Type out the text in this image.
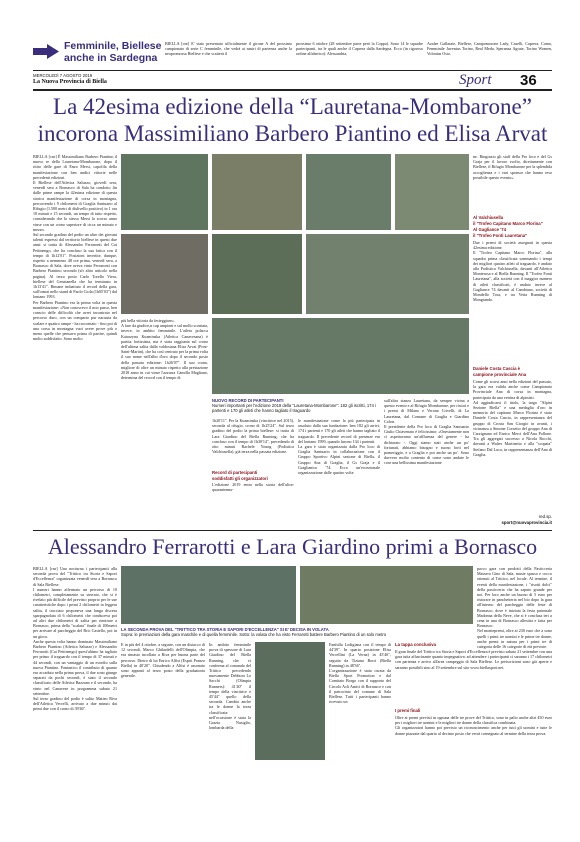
Femminile, Biellese
anche in Sardegna
BIELLA [cnr] E' stato presentato ufficialmente il girone A del prossimo campionato di serie C femminile, che vedrà ai nastri di partenza anche la neopromossa Biellese e che scatterà il
prossimo 6 ottobre (28 settembre parte però la Coppa). Sono 14 le squadre partecipanti, tra le quali anche il Caprera dalla Sardegna. Ecco (in rigoroso ordine alfabetico): Alessandria,
Azalee Gallarate, Biellese, Campomorone Lady, Caselli, Caprera, Como, Femminile Juventus Torino, Real Meda, Speranza Agrate, Torino Women, Volontas Osio.
MERCOLEDÌ 7 AGOSTO 2019
La Nuova Provincia di Biella	Sport 36
La 42esima edizione della “Lauretana-Mombarone”
incorona Massimiliano Barbero Piantino ed Elisa Arvat
BIELLA [cnr] È Massimiliano Barbero Piantino il nuovo re della Lauretana-Mombarone, dopo il ritiro delle gare di Enzo Mersi, capofila della manifestazione con ben undici vittorie nelle precedenti edizioni.
Il Biellese dell'Atletica Saluzzo, giovedì sera, venerdì sera a Bornasco di Sala ha condotto fin dalle prime rampe la 42esima edizione di questa storica manifestazione di corsa in montagna, percorrendo i 9 chilometri di Graglia Santuario al Rifugio (1.500 metri di dislivello positivo) in 1 ora 10 minuti e 15 secondi, un tempo di tutto rispetto, considerando che lo stesso Mersi lo scorso anno vinse con un crono superiore di circa un minuto e mezzo.
Sul secondo gradino del podio un altro dei giovani talenti espressi dal territorio biellese in questi due anni: si tratta di Alessandro Ferraronti del Cai Pettinengo, che ha concluso la sua fatica con il tempo di 1h12'01". Posizioni invertite, dunque, rispetto a nemmeno 48 ore prima, venerdì sera, a Bornasco di Sala, dove aveva vinto Ferraronti con Barbero Piantino secondo (sfr altro articolo nella pagina). Al terzo posto Carlo Torello Viera, biellese del Genzianella che ha terminato in 1h13'41". Rimane imbattuto il record della gara, sull'ormai nello stand di Paolo Ciola (1h05'03") dal lontano 1993.
Per Barbero Piantino era la prima volta in questa manifestazione: «Non conoscevo il mio passo, ben conscio delle difficoltà che avrei incontrato nel percorso duro, con un comparto pur nacuuta da scalare e quattro rampe - ha raccontato - fino poi di una corsa in montagna vuoi avere prove più o meno quelle che pensavo prima di partire, quindi molto soddisfatto. Sono molto
più bella vittoria da festeggiare».
A fare da giudice,n cap ampioni e sul mollo scontata, invece, in ambito femminile. L'atleta polacca Katarzyna Kuzminska (Atletica Canavesana) è partita fortissima, ma è stata raggiunta sul crono dell'ultima salita dalla valdostana Elisa Arvat (Pont-Saint-Martin), che ha così centrato per la prima volta il suo nome nell'albo d'oro dopo il secondo posto della passata edizione: 1h26'07". Il suo crono, migliore di oltre un minuto rispetto alla prestazione 2018 anno in cui vinse l'azzurra Camilla Magliano, determina del record con il tempo di
NUOVO RECORD DI PARTECIPANTI
Numeri importanti per l'edizione 2019 della "Lauretana-Mombarone": 182 gli iscritti, 174 i partenti e 170 gli atleti che hanno tagliato il traguardo
1h20'11". Per la Kuzminska (vincitrice nel 2015), seconda al rifugio, crono di 1h25'24". Sul terzo gradino del podio la prima biellese: si tratta di Lara Giardino del Biella Running, che ha concluso con il tempo di 1h30'14", precedendo di otto minuti Rachele Young (Podistica Valchiusella), già terza nella passata edizione.
Record di partecipanti
soddisfatti gli organizzatori
L'edizione 2019 entra nella storia dell'ultra-quarantenna-
le manifestazione come la più partecipata in assoluto dalla sua fondazione: ben 182 gli arrivi, 174 i partenti e 170 gli atleti che hanno tagliato il traguardo. Il precedente record di presenze era del lontano 1999, quando furono 134 i partenti.
La gara è stata organizzata dalla Pro loco di Graglia Santuario in collaborazione con il Gruppo Sportivo Alpini sezione di Biella, il Gruppo Ana di Graglia, il Gs Graja e il Graglianico '74. Ecco un'eccezionale organizzazione dalle quattro volte
sull'altra stanza Lauretana, da sempre vicina a questo evento e al Rifugio Mombarone, per ristori e i premi di Milano e Verona Crivelli, di La Lauretana, dal Comune di Graglia e Giardino Colon.
Il presidente della Pro loco di Graglia Santuario Giulio Chiavenato è felicissimo: «Onestamente non ci aspettavamo un'affluenza del genere - ha dichiarato -. Oggi siamo stati anche un po' fortunati, abbiamo bisogno e suono forti nel pomeriggio, e a Graglia e poi anche un po'. Sono davvero molto contento di come sono andate le cose una bellissima manifestazione
ne. Ringrazio gli staff della Pro loco e del Gs Graja per il lavoro svolto, direttamente con Biellese, il Rifugio Mombarone per la splendida accoglienza e i vari sponsor che hanno reso possibile questo evento».
Al Valchiusella
il "Trofeo Capitano Marco Florina"
Al Gagliance '74
il "Trofeo Fonti Lauretana"
Due i premi di società assegnati in questa 42esima edizione.
Il "Trofeo Capitano Marco Florina", alla squadra prima classificata sommando i tempi dei migliori quattro atleti al traguardo, è andato alla Podistica Valchiusella, davanti all'Atletica Monterosa e al Biella Running. Il "Trofeo Fonti Lauretana", alla società con il maggior numero di atleti classificati, è andato invece al Gagliance 74 davanti al Cambiano, società di Mondello Tora, e tra Vetta Running di Mongrando.
Daniele Costa Cascia è
campione provinciale Ana
Come gli scorsi anni nella edizioni del passato, la gara era valida anche come Campionato Provinciale Ana di corsa in montagna, partecipata da una vetrina di alpinisti.
Ad aggiudicarsi il titolo, la targa "Alpini Sezione Biella" e una medaglia d'oro in memoria del capitano Marco Florina è stato Daniele Costa Cascia, in rappresentanza del gruppo di Crosta San Giorgio in avanti, i vicinanza a Simone Corsetto del gruppo Ana di Carzignano ed Enrico Merci dell'Ana Pollone. Tra gli aggregati successo a Nicola Rocchi, davanti a Walter Martinetto e alla "scopata" Stefano Dal Luca, in rappresentanza dell'Ana di Graglia.
red.sp.
sport@nuovaprovincia.it
Alessandro Ferrarotti e Lara Giardino primi a Bornasco
BIELLA [cnr] Una nocturna i partecipanti alla seconda prova del "Trittico tra Storia e Sapori d'Eccellenza" organizzata venerdì sera a Bornasco di Sala Biellese.
I numeri hanno affermato un percorso di 10 chilometri, completamente su sterrato, che si è rivelato più difficile del previsto proprio per le sue caratteristiche dopo i primi 2 chilometri in leggera salita, il tracciato proponeva una lunga discesa sparpagnolata di 6 chilometri che conduceva poi ad altri due chilometri di salita per rientrare a Bornasco, prima della "scalata" finale di 100metri per arrivare al parcheggio del Bric Castello, poi in un gioco.
Anche questa volta hanno dominato Massimiliano Barbero Piantino (Atletica Saluzzo) e Alessandro Ferrarotti (Cai Pettinengo) quest'ultimo ha tagliato per primo il traguardo con il tempo di 37 minuti e 44 secondi, con un vantaggio di un esordio sulla nuova Piantino. Fantastico il contributo di quanto era accaduto nella prima prova, il due sono giunge separati da pochi secondi, è stato il secondo classificato delle Atletica Bazzano e il secondo, ha vinto nel Canavese in programma sabato 21 settembre.
Sul terzo gradino del podio è salito Matteo Riva dell'Atletica Vercelli, arrivato a due minuti dai primi due con il crono di 39'46".
LA SECONDA PROVA DEL "TRITTICO TRA STORIA E SAPORI D'ECCELLENZA" SI E' DECISA IN VOLATA
Sopra: le premiazioni della gara maschile e di quella femminile. Sotto: la volata che ha visto Ferrarotti battere Barbero Piantino di un solo metro
E in più del 4 ottobre, a seguire, con un distacco di 12 secondi, Marco Ghilardelli dell'Olimpia, che era rimasto incollato a Riva per buona parte del percorso. Dietro di lui Enrico Alfisi (Esprit Pranzo Biella) in 40'20". Chiudendo a Alfisi è assonato sono appunti al terzo posto della graduatoria generale.
In ambito femminile prova di spessore di Lara Giardino del Biella Running, che vi conferma al comando del Trittico precedendo nuovamente Debbora Lo Sacchi (Olimpia Runners): 41'40" il tempo della vincitrice e 45'44" quello della seconda. Cambia anche tra le donne la terza classificata: nell'occasione è stata la Grazia Nusiglio, lombarda della
Fanfulla Lodigiana con il tempo di 44'39". In quarta posizione Elisa Vercellini (La Verna) in 45'46", seguita da Tiziana Borri (Biella Running) in 48'36".
L'organizzazione è stata curata da Biella Sport Promotion e dal Comitato Borgo con il supporto del Circolo Acli Amici di Bornasco e con il patrocinio del comune di Sala Biellese. Tutti i partecipanti hanno ricevuto un
pacco gara con prodotti della Pasticceria Massera Gino di Sala, muste spasso e cocco ottenuti al Trittico, nel locale. Al termine, il eventi della manifestazione, i "risotti dolci" della pasticceria che ha saputo grande per noi. Per loro anche un buono di 5 euro per ristorare in panchetteria nel bio dopo la gara all'interno del parcheggio delle feste di Bornasco, dove è iniziata la festa patronale Madonna della Neve, che si è conclusa ieri a cena in una di Bornasco allestita e fatta per Bornasco.
Nel montepremi, oltre ai 230 euro che a sono quelli i primi tre uomini e le prime tre donne, anche premi in natura per i primi tre di categoria delle 16 categorie di età previste.
La tappa conclusiva
Il gran finale del Trittico tra Storia e Sapori d'Eccellenza è previsto sabato 21 settembre con una gara tutta affascinante quanto impegnativa: ad attendere i partecipanti ci saranno i 17 chilometri con partenza e arrivo all'area campeggio di Sala Biellese. Le preiscrizioni sono già aperte e saranno possibili sino al 19 settembre sul sito www.biellasport.net.
I premi finali
Oltre ai premi previsti in ognuna delle tre prove del Trittico, sono in palio anche altri 450 euro per i migliori tre uomini e le migliori tre donne della classifica combinata.
Gli organizzatori hanno poi previsto un riconoscimento anche per tutti gli uomini e tutte le donne piazzate dal quarto al decimo posto che verrà consegnato al termine della terza prova.
